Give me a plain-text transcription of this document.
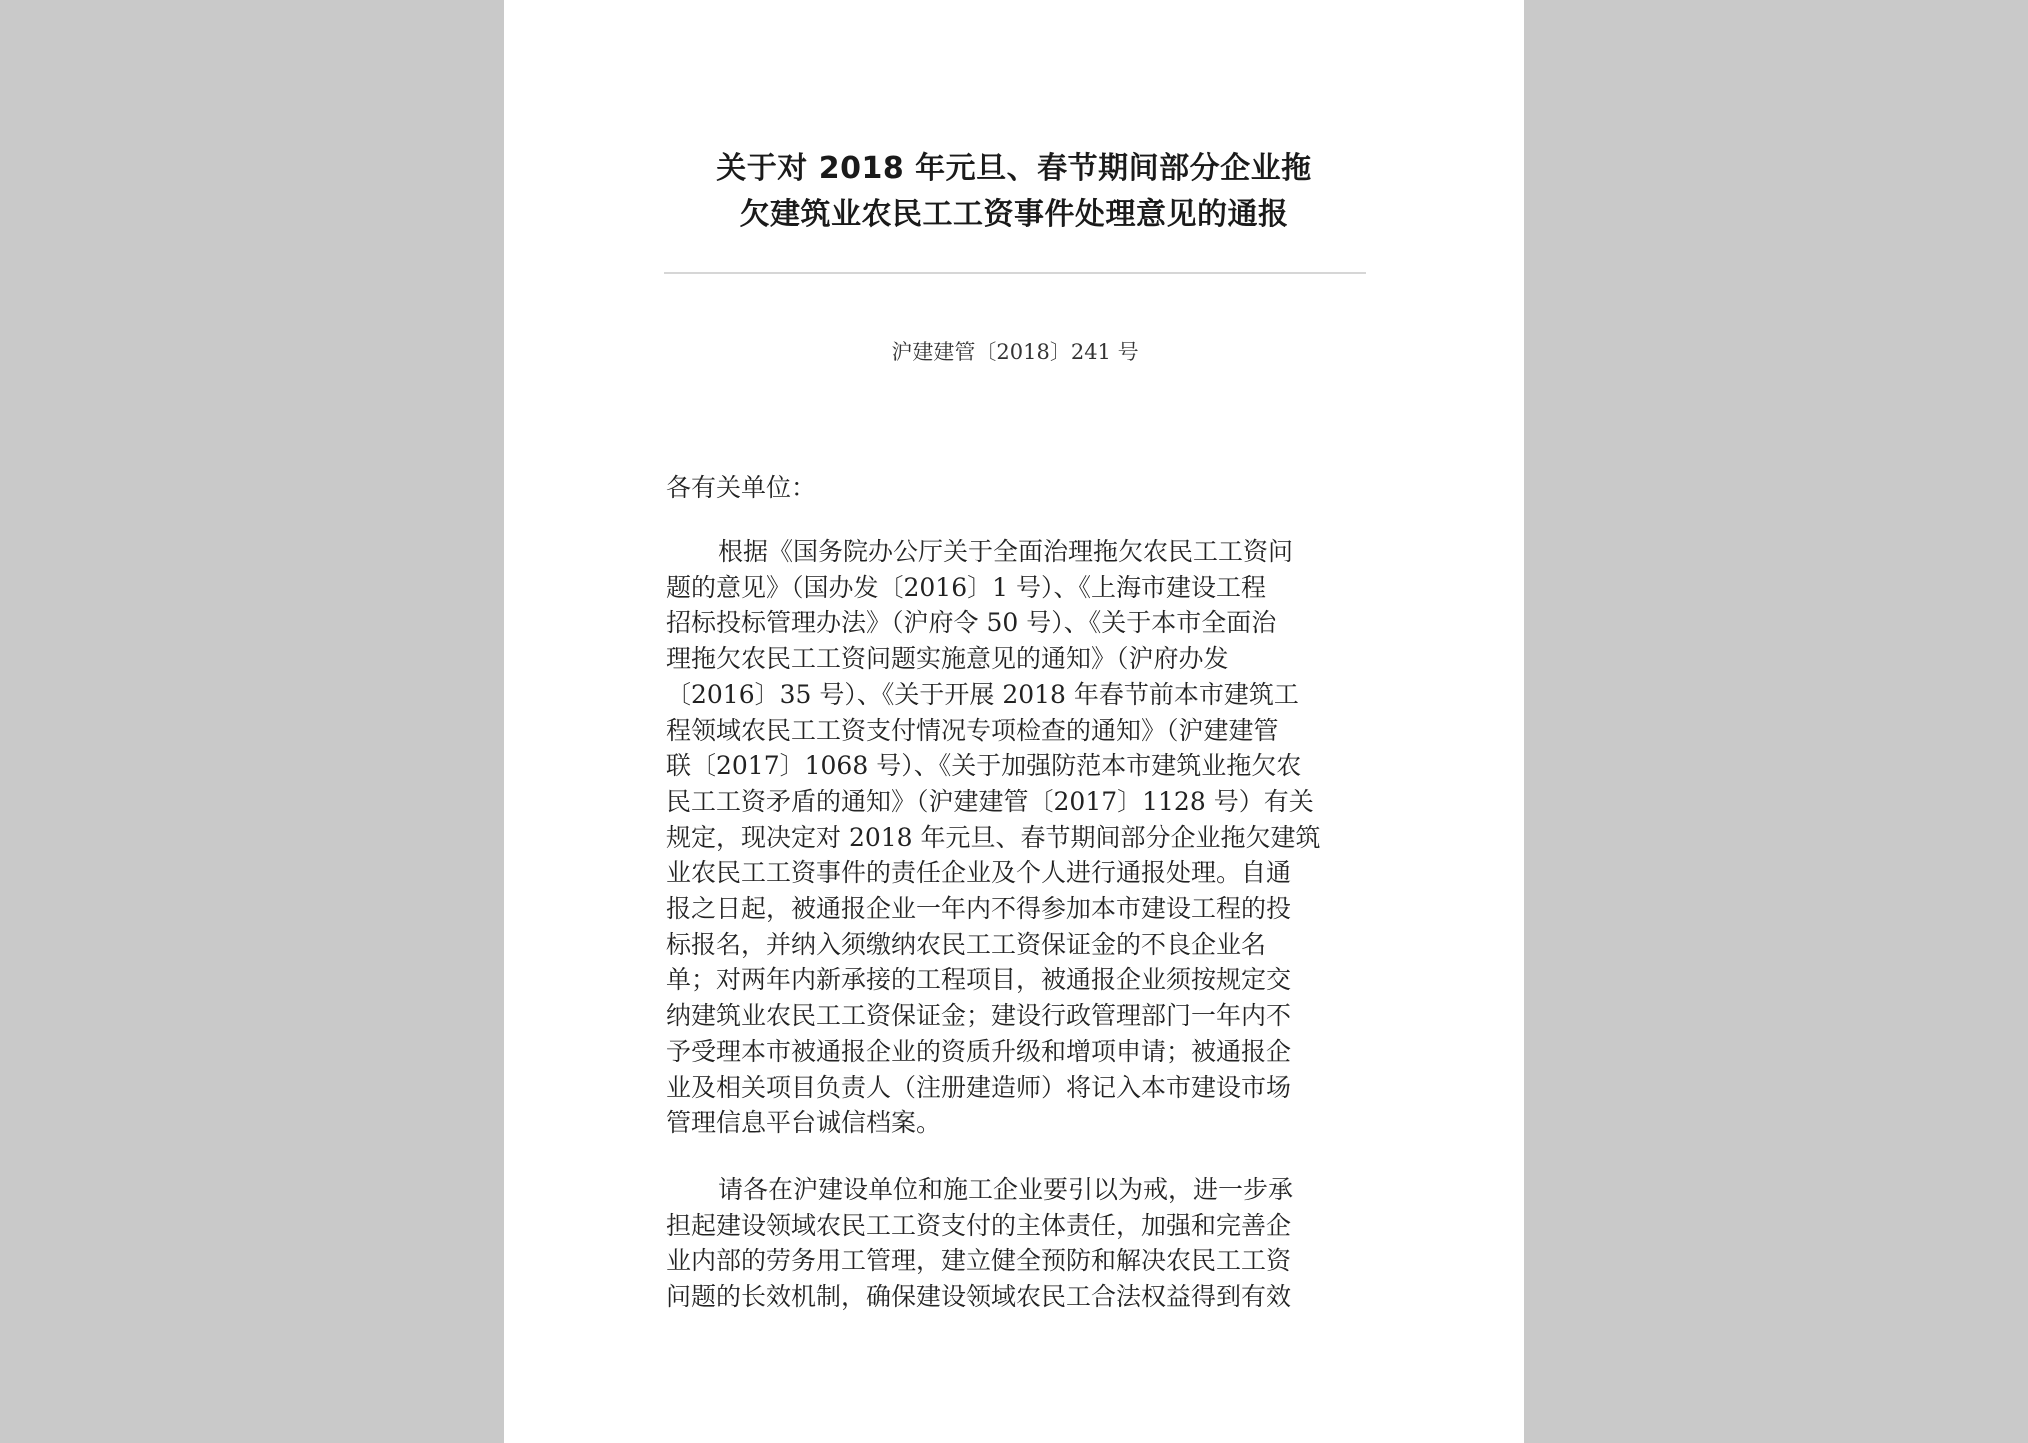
关于对 2018 年元旦、春节期间部分企业拖
欠建筑业农民工工资事件处理意见的通报
沪建建管〔2018〕241 号
各有关单位：
根据《国务院办公厅关于全面治理拖欠农民工工资问
题的意见》（国办发〔2016〕1 号）、《上海市建设工程
招标投标管理办法》（沪府令 50 号）、《关于本市全面治
理拖欠农民工工资问题实施意见的通知》（沪府办发
〔2016〕35 号）、《关于开展 2018 年春节前本市建筑工
程领域农民工工资支付情况专项检查的通知》（沪建建管
联〔2017〕1068 号）、《关于加强防范本市建筑业拖欠农
民工工资矛盾的通知》（沪建建管〔2017〕1128 号）有关
规定，现决定对 2018 年元旦、春节期间部分企业拖欠建筑
业农民工工资事件的责任企业及个人进行通报处理。自通
报之日起，被通报企业一年内不得参加本市建设工程的投
标报名，并纳入须缴纳农民工工资保证金的不良企业名
单；对两年内新承接的工程项目，被通报企业须按规定交
纳建筑业农民工工资保证金；建设行政管理部门一年内不
予受理本市被通报企业的资质升级和增项申请；被通报企
业及相关项目负责人（注册建造师）将记入本市建设市场
管理信息平台诚信档案。
请各在沪建设单位和施工企业要引以为戒，进一步承
担起建设领域农民工工资支付的主体责任，加强和完善企
业内部的劳务用工管理，建立健全预防和解决农民工工资
问题的长效机制，确保建设领域农民工合法权益得到有效
